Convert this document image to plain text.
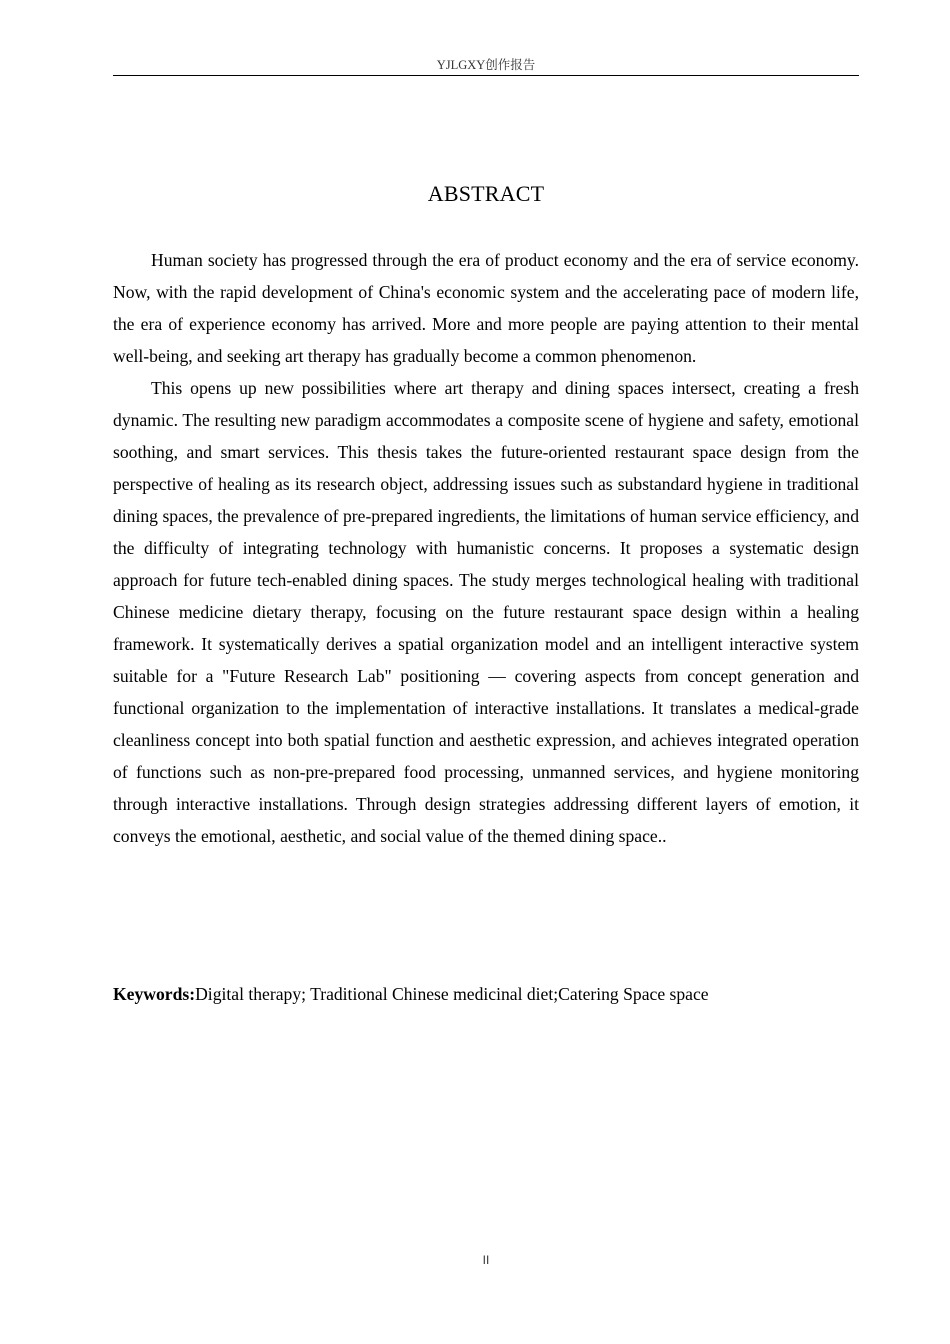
YJLGXY创作报告
ABSTRACT

Human society has progressed through the era of product economy and the era of service economy. Now, with the rapid development of China's economic system and the accelerating pace of modern life, the era of experience economy has arrived. More and more people are paying attention to their mental well-being, and seeking art therapy has gradually become a common phenomenon.

This opens up new possibilities where art therapy and dining spaces intersect, creating a fresh dynamic. The resulting new paradigm accommodates a composite scene of hygiene and safety, emotional soothing, and smart services. This thesis takes the future-oriented restaurant space design from the perspective of healing as its research object, addressing issues such as substandard hygiene in traditional dining spaces, the prevalence of pre-prepared ingredients, the limitations of human service efficiency, and the difficulty of integrating technology with humanistic concerns. It proposes a systematic design approach for future tech-enabled dining spaces. The study merges technological healing with traditional Chinese medicine dietary therapy, focusing on the future restaurant space design within a healing framework. It systematically derives a spatial organization model and an intelligent interactive system suitable for a "Future Research Lab" positioning — covering aspects from concept generation and functional organization to the implementation of interactive installations. It translates a medical-grade cleanliness concept into both spatial function and aesthetic expression, and achieves integrated operation of functions such as non-pre-prepared food processing, unmanned services, and hygiene monitoring through interactive installations. Through design strategies addressing different layers of emotion, it conveys the emotional, aesthetic, and social value of the themed dining space..

Keywords:Digital therapy; Traditional Chinese medicinal diet;Catering Space space
II
